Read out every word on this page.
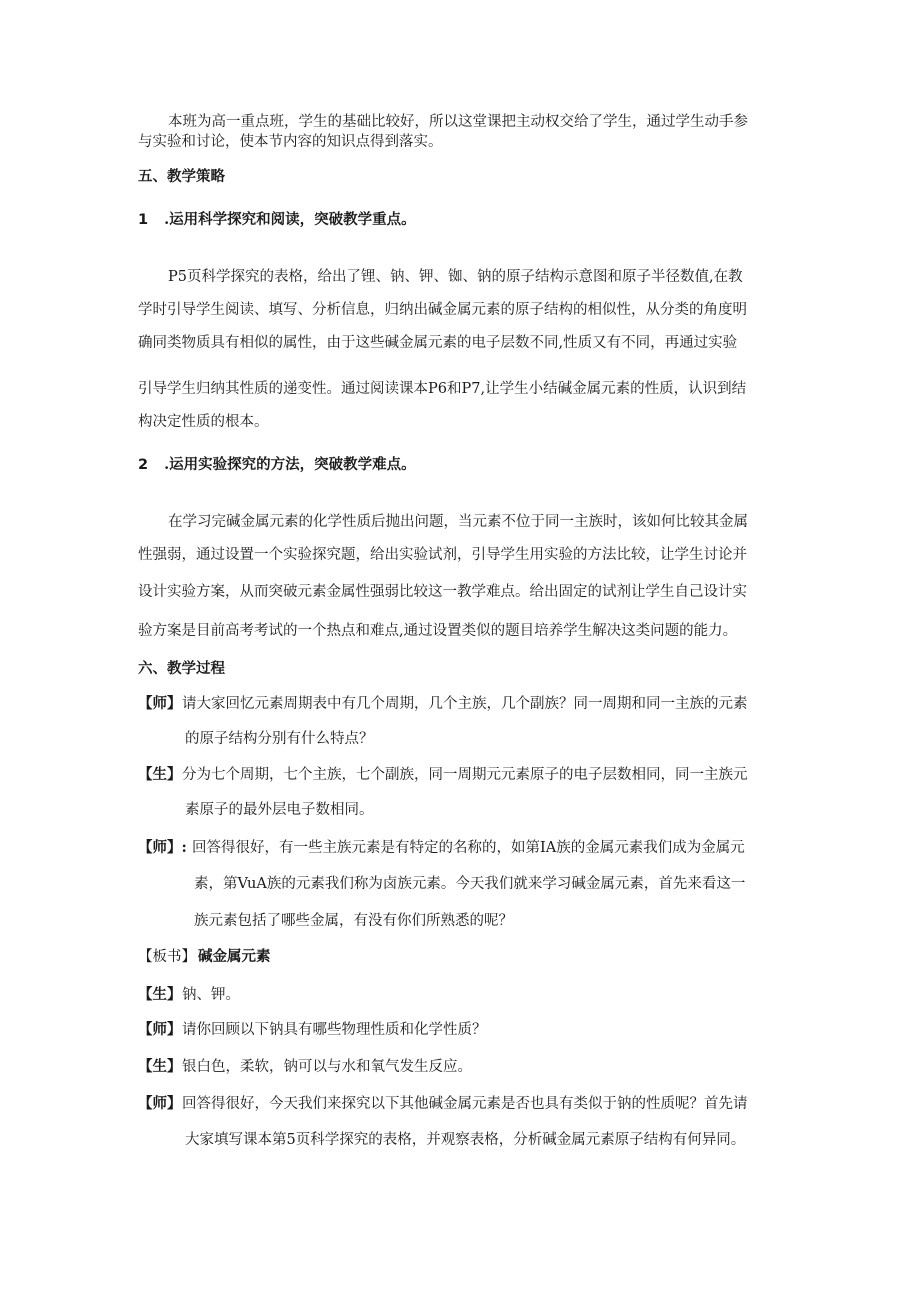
本班为高一重点班，学生的基础比较好，所以这堂课把主动权交给了学生，通过学生动手参
与实验和讨论，使本节内容的知识点得到落实。
五、教学策略
1 .运用科学探究和阅读，突破教学重点。
P5页科学探究的表格，给出了锂、钠、钾、铷、钠的原子结构示意图和原子半径数值,在教
学时引导学生阅读、填写、分析信息，归纳出碱金属元素的原子结构的相似性，从分类的角度明
确同类物质具有相似的属性，由于这些碱金属元素的电子层数不同,性质又有不同，再通过实验
引导学生归纳其性质的递变性。通过阅读课本P6和P7,让学生小结碱金属元素的性质，认识到结
构决定性质的根本。
2 .运用实验探究的方法，突破教学难点。
在学习完碱金属元素的化学性质后抛出问题，当元素不位于同一主族时，该如何比较其金属
性强弱，通过设置一个实验探究题，给出实验试剂，引导学生用实验的方法比较，让学生讨论并
设计实验方案，从而突破元素金属性强弱比较这一教学难点。给出固定的试剂让学生自己设计实
验方案是目前高考考试的一个热点和难点,通过设置类似的题目培养学生解决这类问题的能力。
六、教学过程
【师】 请大家回忆元素周期表中有几个周期，几个主族，几个副族？同一周期和同一主族的元素
的原子结构分别有什么特点？
【生】 分为七个周期，七个主族，七个副族，同一周期元元素原子的电子层数相同，同一主族元
素原子的最外层电子数相同。
【师】: 回答得很好，有一些主族元素是有特定的名称的，如第IA族的金属元素我们成为金属元
素，第VuA族的元素我们称为卤族元素。今天我们就来学习碱金属元素，首先来看这一
族元素包括了哪些金属，有没有你们所熟悉的呢？
【板书】 碱金属元素
【生】 钠、钾。
【师】 请你回顾以下钠具有哪些物理性质和化学性质？
【生】 银白色，柔软，钠可以与水和氧气发生反应。
【师】 回答得很好，今天我们来探究以下其他碱金属元素是否也具有类似于钠的性质呢？首先请
大家填写课本第5页科学探究的表格，并观察表格，分析碱金属元素原子结构有何异同。
